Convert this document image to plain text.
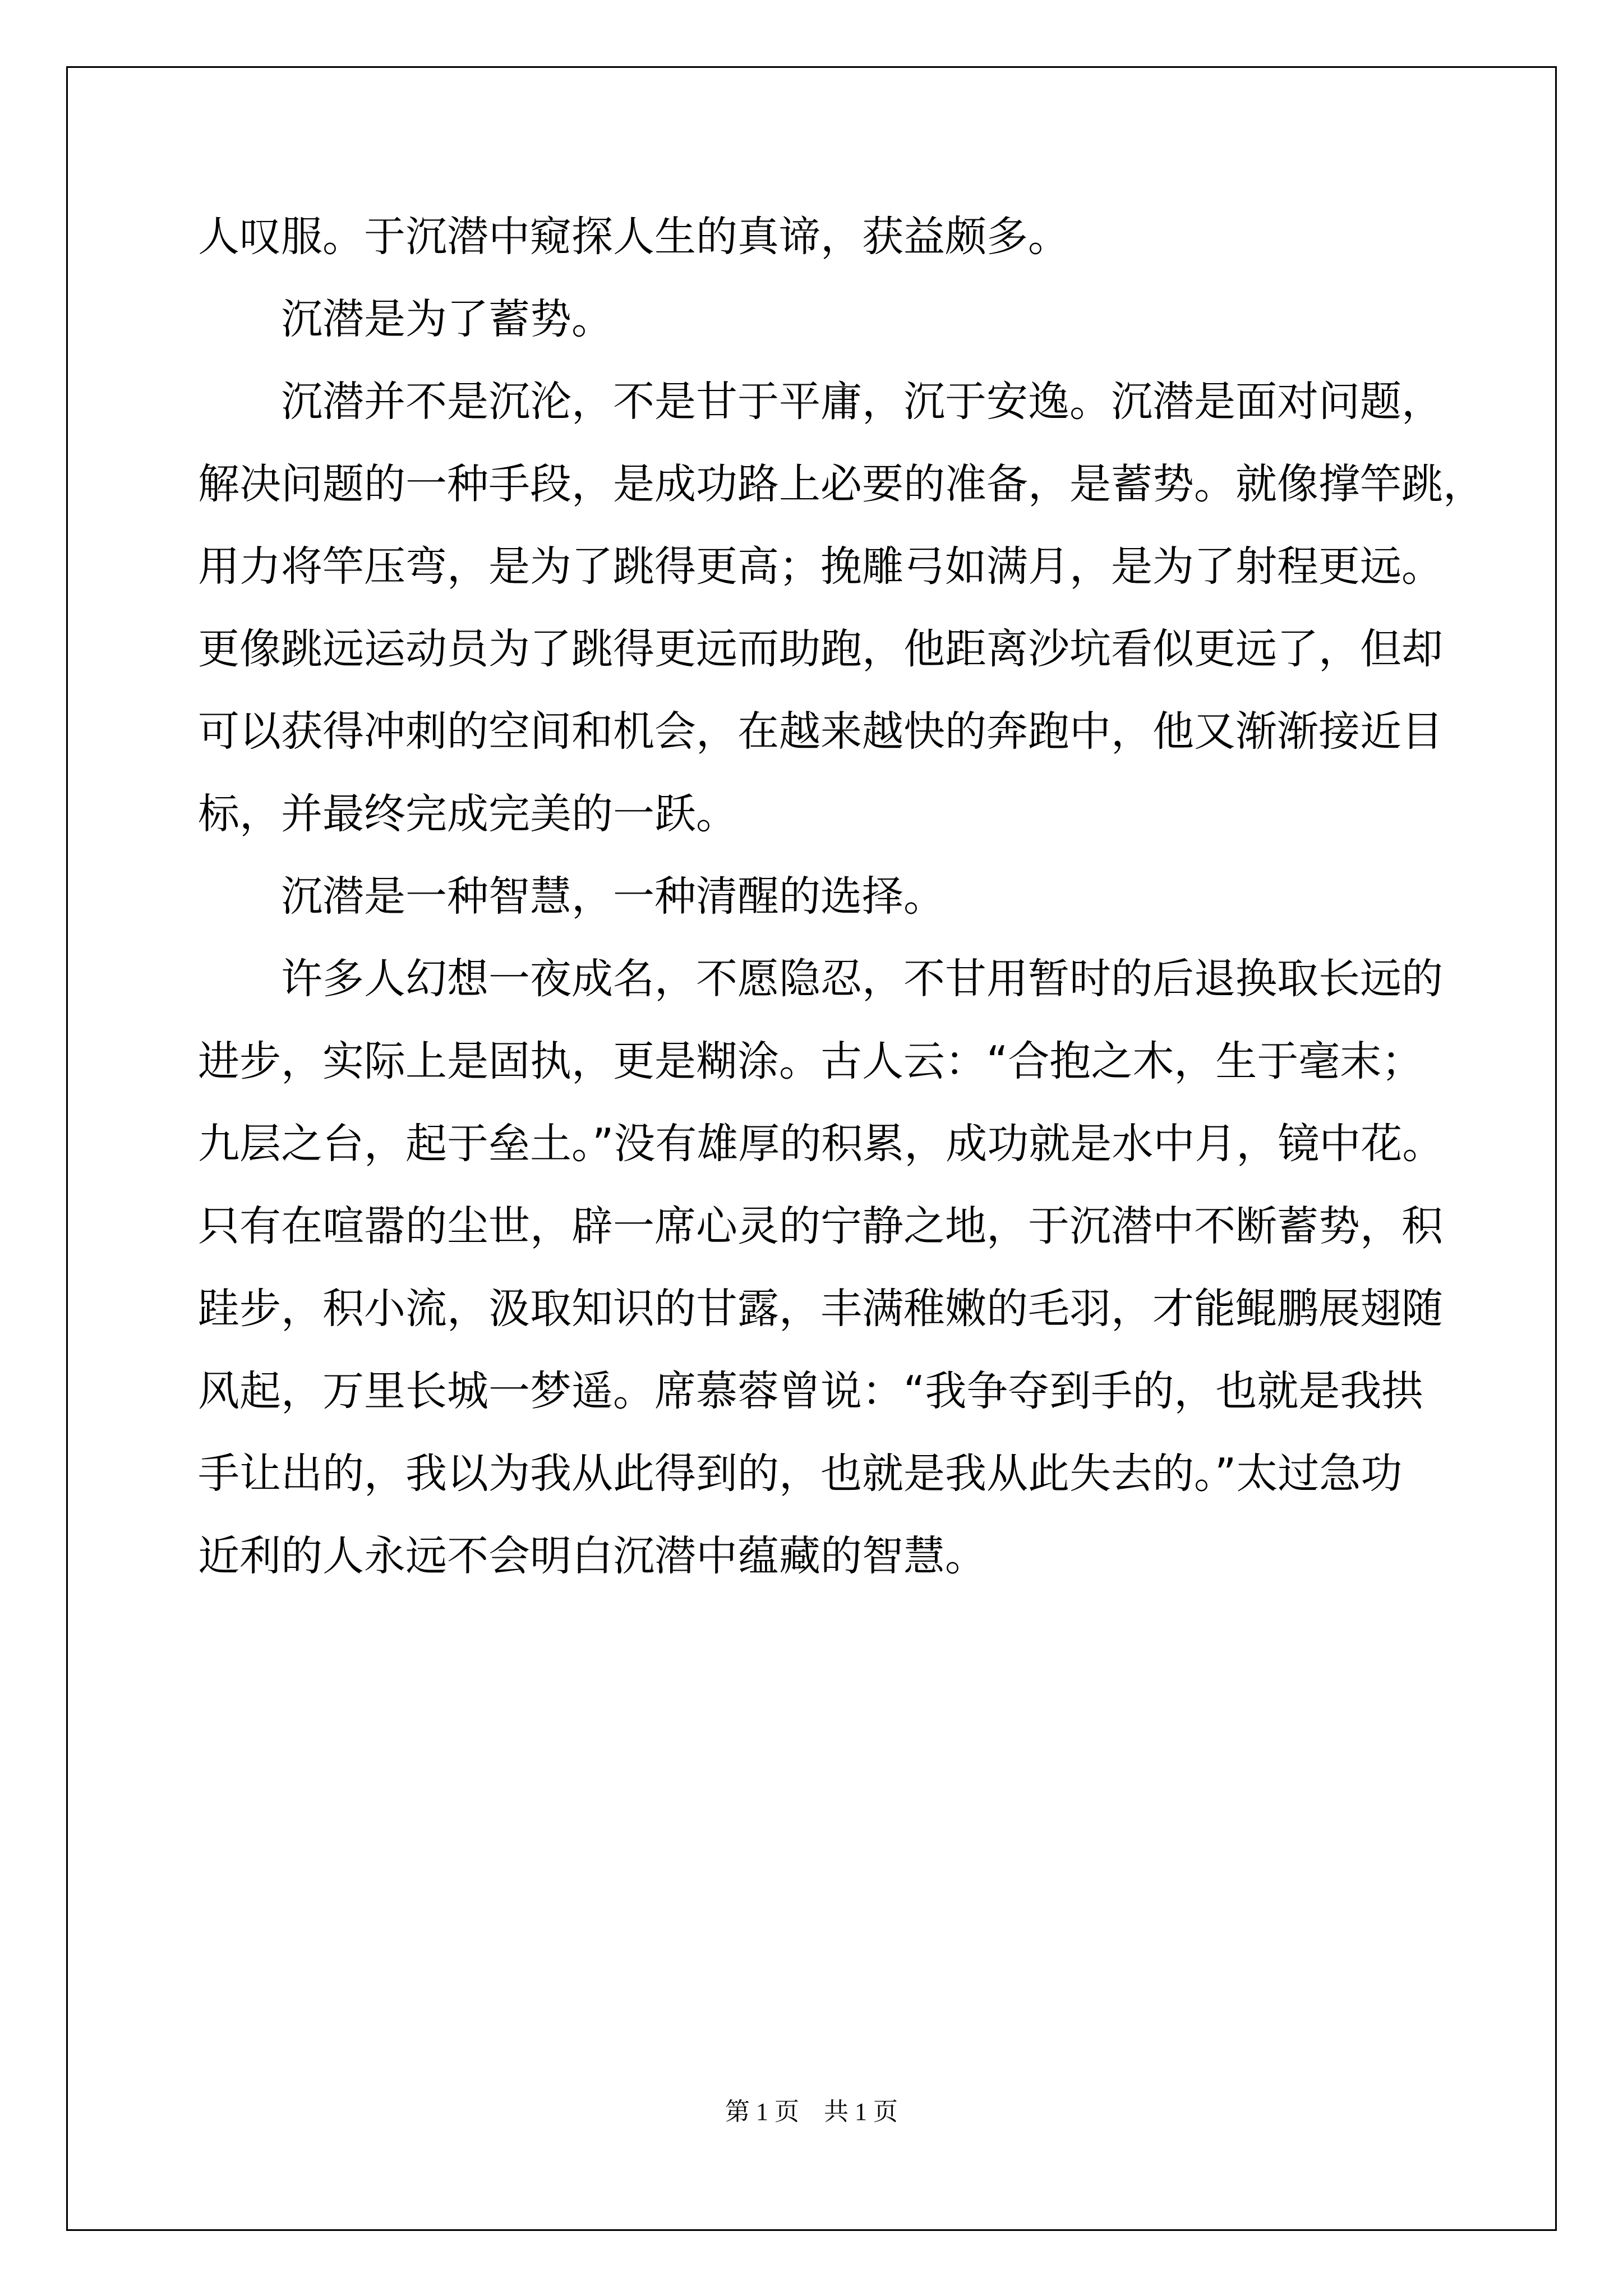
人叹服。于沉潜中窥探人生的真谛，获益颇多。
沉潜是为了蓄势。
沉潜并不是沉沦，不是甘于平庸，沉于安逸。沉潜是面对问题，
解决问题的一种手段，是成功路上必要的准备，是蓄势。就像撑竿跳，
用力将竿压弯，是为了跳得更高；挽雕弓如满月，是为了射程更远。
更像跳远运动员为了跳得更远而助跑，他距离沙坑看似更远了，但却
可以获得冲刺的空间和机会，在越来越快的奔跑中，他又渐渐接近目
标，并最终完成完美的一跃。
沉潜是一种智慧，一种清醒的选择。
许多人幻想一夜成名，不愿隐忍，不甘用暂时的后退换取长远的
进步，实际上是固执，更是糊涂。古人云：“合抱之木，生于毫末；
九层之台，起于垒土。”没有雄厚的积累，成功就是水中月，镜中花。
只有在喧嚣的尘世，辟一席心灵的宁静之地，于沉潜中不断蓄势，积
跬步，积小流，汲取知识的甘露，丰满稚嫩的毛羽，才能鲲鹏展翅随
风起，万里长城一梦遥。席慕蓉曾说：“我争夺到手的，也就是我拱
手让出的，我以为我从此得到的，也就是我从此失去的。”太过急功
近利的人永远不会明白沉潜中蕴藏的智慧。
第 1 页　共 1 页
